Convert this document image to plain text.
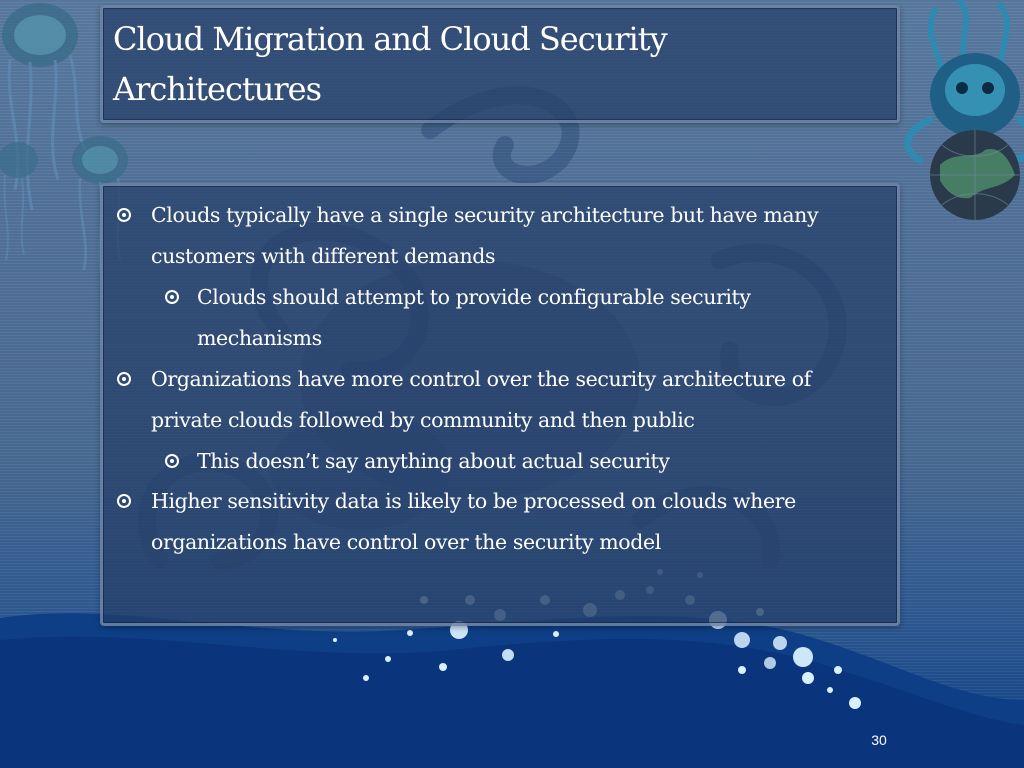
Cloud Migration and Cloud Security Architectures
Clouds typically have a single security architecture but have many customers with different demands
Clouds should attempt to provide configurable security mechanisms
Organizations have more control over the security architecture of private clouds followed by community and then public
This doesn’t say anything about actual security
Higher sensitivity data is likely to be processed on clouds where organizations have control over the security model
30
